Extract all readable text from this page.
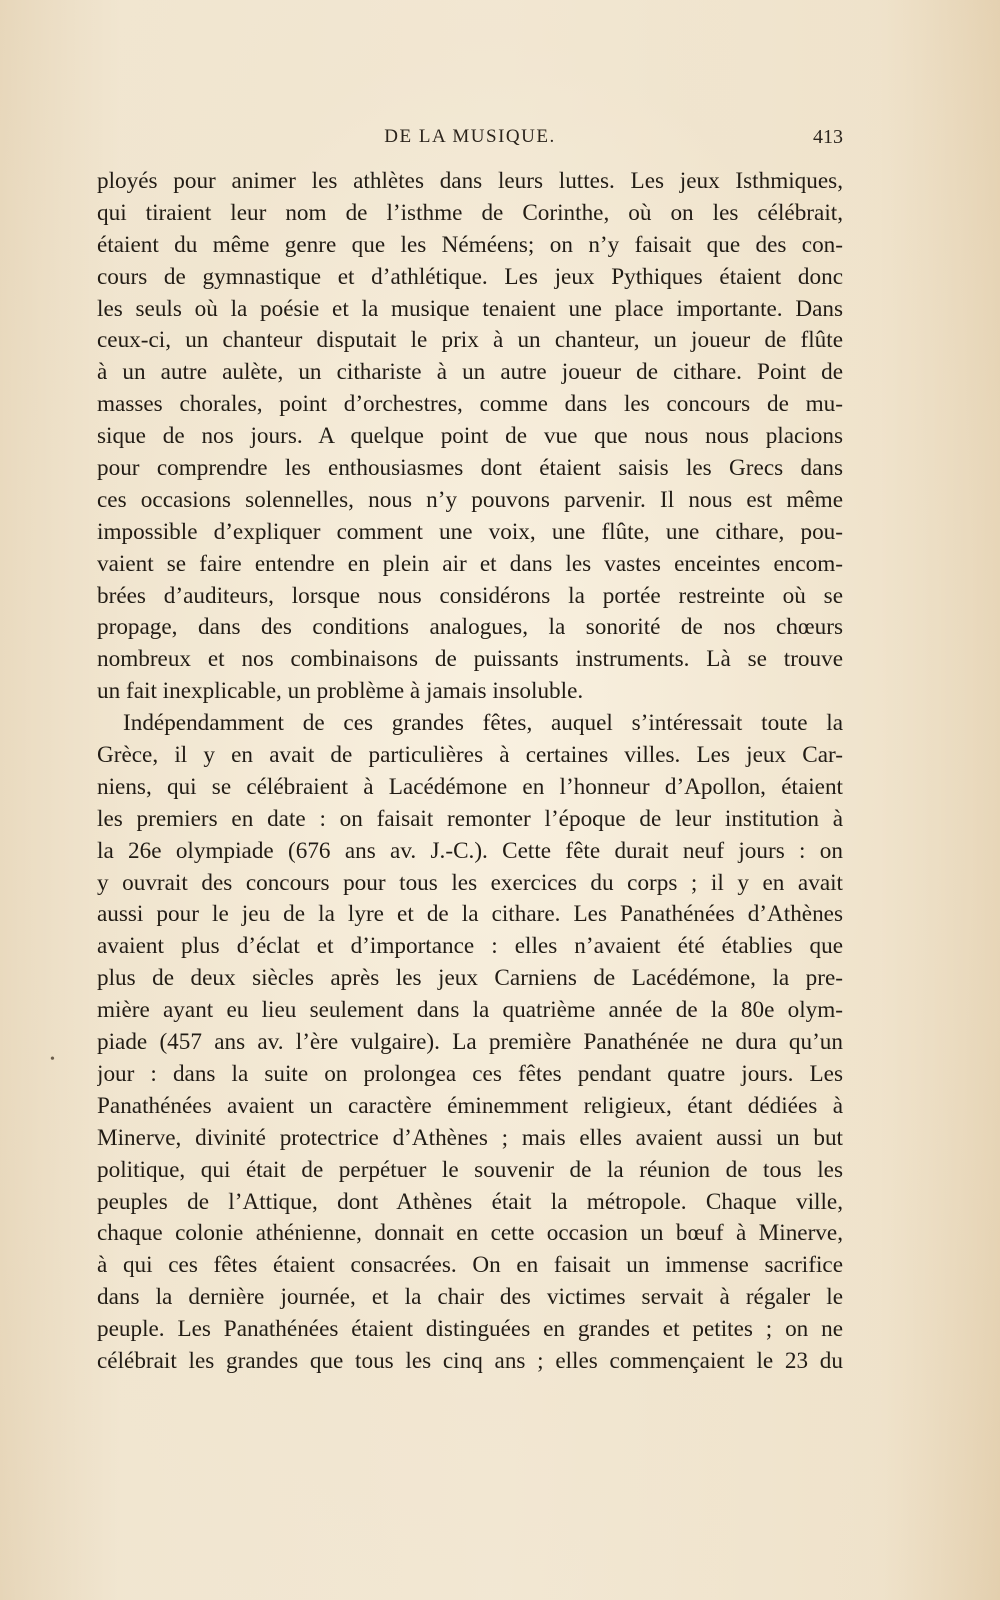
DE LA MUSIQUE.	413
•
ployés pour animer les athlètes dans leurs luttes. Les jeux Isthmiques,
qui tiraient leur nom de l’isthme de Corinthe, où on les célébrait,
étaient du même genre que les Néméens; on n’y faisait que des con-
cours de gymnastique et d’athlétique. Les jeux Pythiques étaient donc
les seuls où la poésie et la musique tenaient une place importante. Dans
ceux-ci, un chanteur disputait le prix à un chanteur, un joueur de flûte
à un autre aulète, un cithariste à un autre joueur de cithare. Point de
masses chorales, point d’orchestres, comme dans les concours de mu-
sique de nos jours. A quelque point de vue que nous nous placions
pour comprendre les enthousiasmes dont étaient saisis les Grecs dans
ces occasions solennelles, nous n’y pouvons parvenir. Il nous est même
impossible d’expliquer comment une voix, une flûte, une cithare, pou-
vaient se faire entendre en plein air et dans les vastes enceintes encom-
brées d’auditeurs, lorsque nous considérons la portée restreinte où se
propage, dans des conditions analogues, la sonorité de nos chœurs
nombreux et nos combinaisons de puissants instruments. Là se trouve
un fait inexplicable, un problème à jamais insoluble.
Indépendamment de ces grandes fêtes, auquel s’intéressait toute la
Grèce, il y en avait de particulières à certaines villes. Les jeux Car-
niens, qui se célébraient à Lacédémone en l’honneur d’Apollon, étaient
les premiers en date : on faisait remonter l’époque de leur institution à
la 26e olympiade (676 ans av. J.-C.). Cette fête durait neuf jours : on
y ouvrait des concours pour tous les exercices du corps ; il y en avait
aussi pour le jeu de la lyre et de la cithare. Les Panathénées d’Athènes
avaient plus d’éclat et d’importance : elles n’avaient été établies que
plus de deux siècles après les jeux Carniens de Lacédémone, la pre-
mière ayant eu lieu seulement dans la quatrième année de la 80e olym-
piade (457 ans av. l’ère vulgaire). La première Panathénée ne dura qu’un
jour : dans la suite on prolongea ces fêtes pendant quatre jours. Les
Panathénées avaient un caractère éminemment religieux, étant dédiées à
Minerve, divinité protectrice d’Athènes ; mais elles avaient aussi un but
politique, qui était de perpétuer le souvenir de la réunion de tous les
peuples de l’Attique, dont Athènes était la métropole. Chaque ville,
chaque colonie athénienne, donnait en cette occasion un bœuf à Minerve,
à qui ces fêtes étaient consacrées. On en faisait un immense sacrifice
dans la dernière journée, et la chair des victimes servait à régaler le
peuple. Les Panathénées étaient distinguées en grandes et petites ; on ne
célébrait les grandes que tous les cinq ans ; elles commençaient le 23 du
